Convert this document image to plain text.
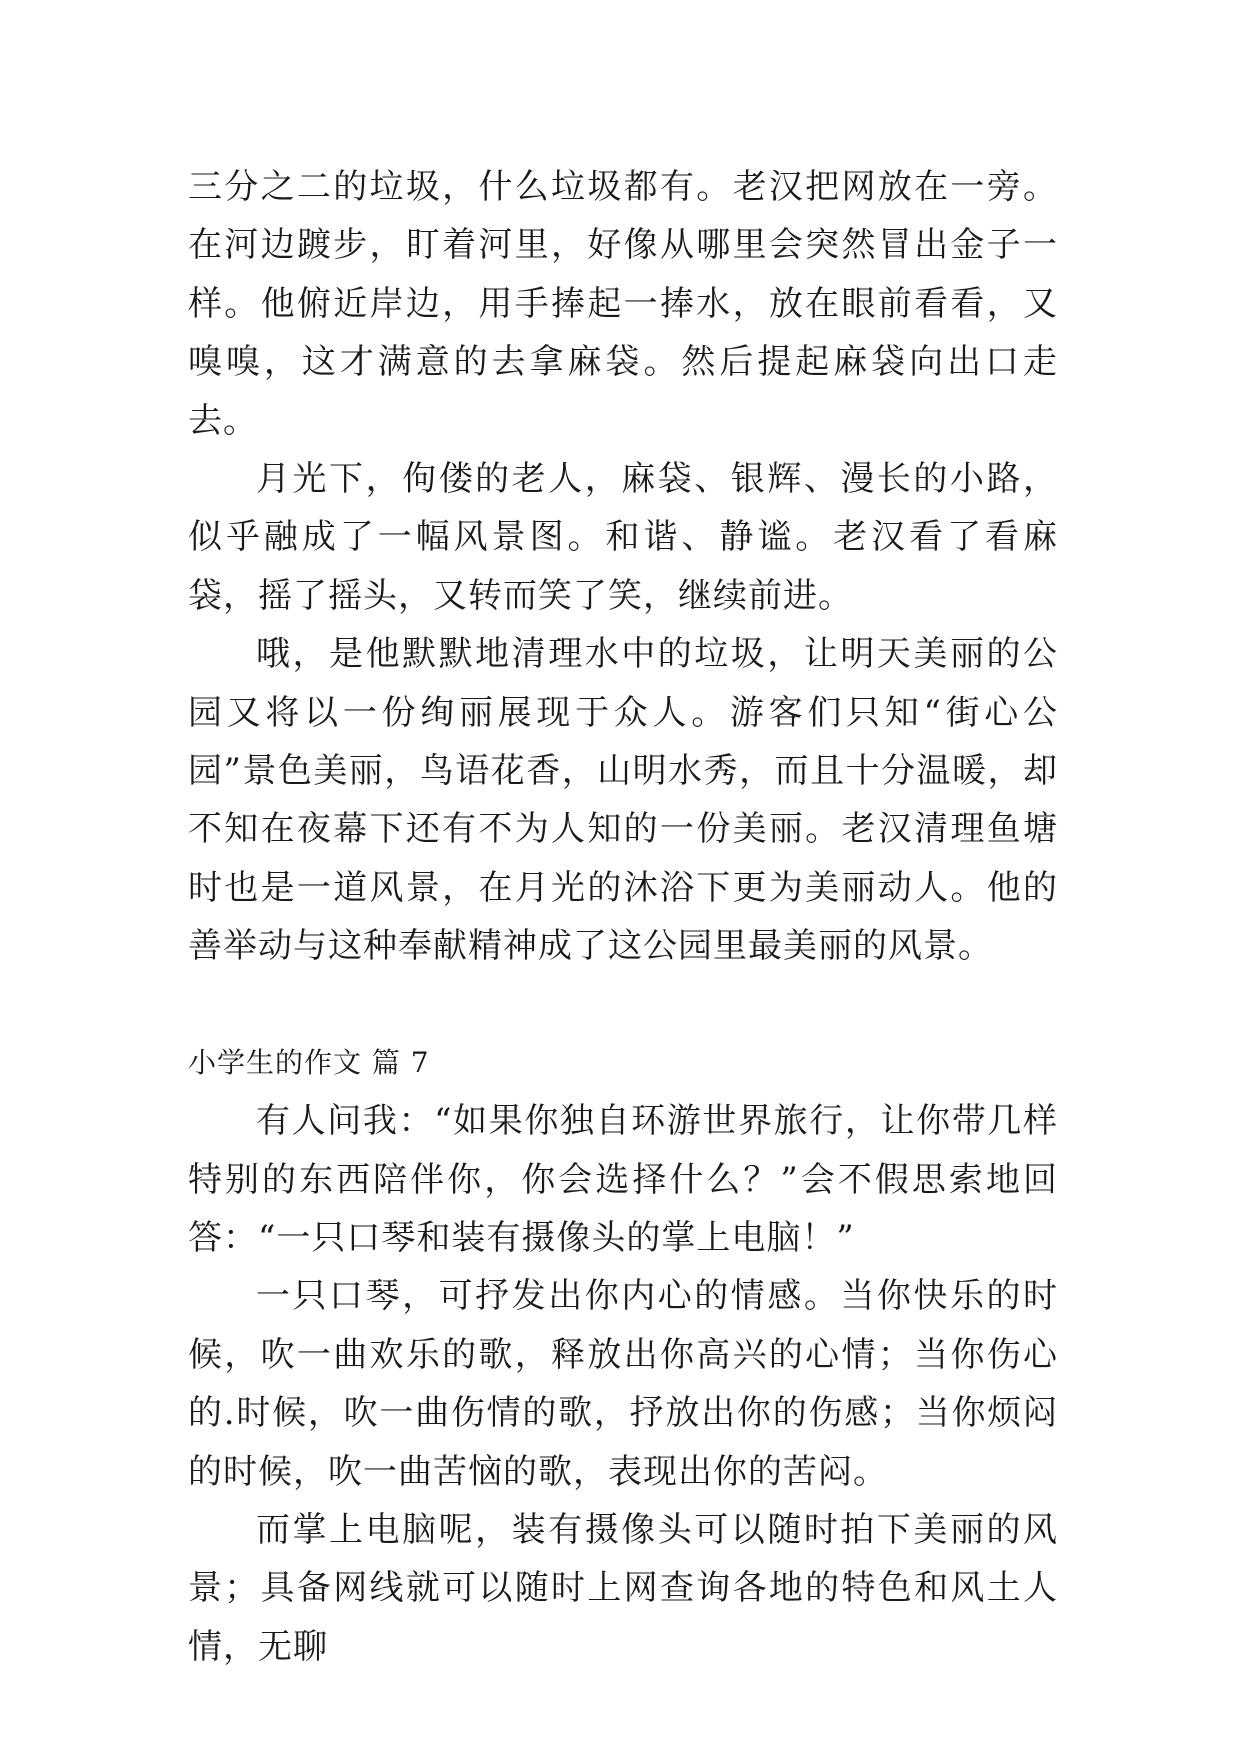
三分之二的垃圾，什么垃圾都有。老汉把网放在一旁。在河边踱步，盯着河里，好像从哪里会突然冒出金子一样。他俯近岸边，用手捧起一捧水，放在眼前看看，又嗅嗅，这才满意的去拿麻袋。然后提起麻袋向出口走去。

月光下，佝偻的老人，麻袋、银辉、漫长的小路，似乎融成了一幅风景图。和谐、静谧。老汉看了看麻袋，摇了摇头，又转而笑了笑，继续前进。

哦，是他默默地清理水中的垃圾，让明天美丽的公园又将以一份绚丽展现于众人。游客们只知“街心公园”景色美丽，鸟语花香，山明水秀，而且十分温暖，却不知在夜幕下还有不为人知的一份美丽。老汉清理鱼塘时也是一道风景，在月光的沐浴下更为美丽动人。他的善举动与这种奉献精神成了这公园里最美丽的风景。

小学生的作文 篇 7

有人问我：“如果你独自环游世界旅行，让你带几样特别的东西陪伴你，你会选择什么？”会不假思索地回答：“一只口琴和装有摄像头的掌上电脑！”

一只口琴，可抒发出你内心的情感。当你快乐的时候，吹一曲欢乐的歌，释放出你高兴的心情；当你伤心的.时候，吹一曲伤情的歌，抒放出你的伤感；当你烦闷的时候，吹一曲苦恼的歌，表现出你的苦闷。

而掌上电脑呢，装有摄像头可以随时拍下美丽的风景；具备网线就可以随时上网查询各地的特色和风土人情，无聊
